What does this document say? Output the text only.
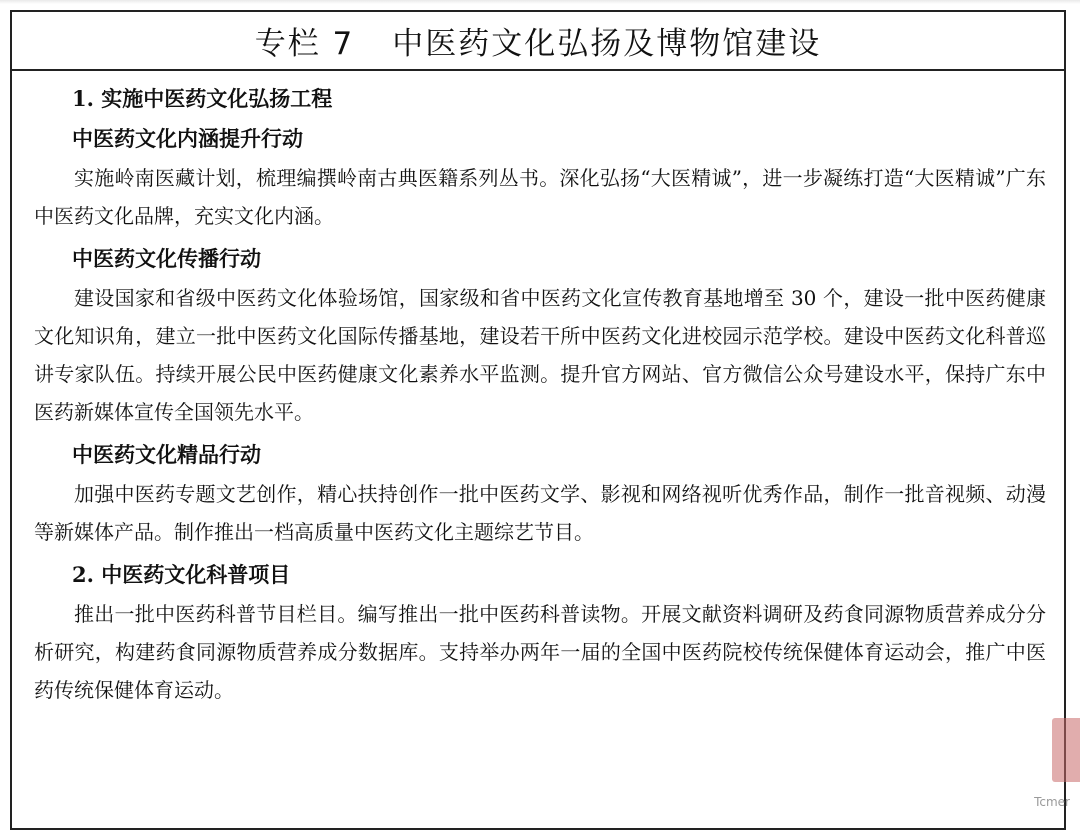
专栏 7 中医药文化弘扬及博物馆建设
1. 实施中医药文化弘扬工程
中医药文化内涵提升行动

实施岭南医藏计划，梳理编撰岭南古典医籍系列丛书。深化弘扬“大医精诚”，进一步凝练打造“大医精诚”广东中医药文化品牌，充实文化内涵。

中医药文化传播行动

建设国家和省级中医药文化体验场馆，国家级和省中医药文化宣传教育基地增至 30 个，建设一批中医药健康文化知识角，建立一批中医药文化国际传播基地，建设若干所中医药文化进校园示范学校。建设中医药文化科普巡讲专家队伍。持续开展公民中医药健康文化素养水平监测。提升官方网站、官方微信公众号建设水平，保持广东中医药新媒体宣传全国领先水平。

中医药文化精品行动

加强中医药专题文艺创作，精心扶持创作一批中医药文学、影视和网络视听优秀作品，制作一批音视频、动漫等新媒体产品。制作推出一档高质量中医药文化主题综艺节目。

2. 中医药文化科普项目

推出一批中医药科普节目栏目。编写推出一批中医药科普读物。开展文献资料调研及药食同源物质营养成分分析研究，构建药食同源物质营养成分数据库。支持举办两年一届的全国中医药院校传统保健体育运动会，推广中医药传统保健体育运动。

Tcmer
